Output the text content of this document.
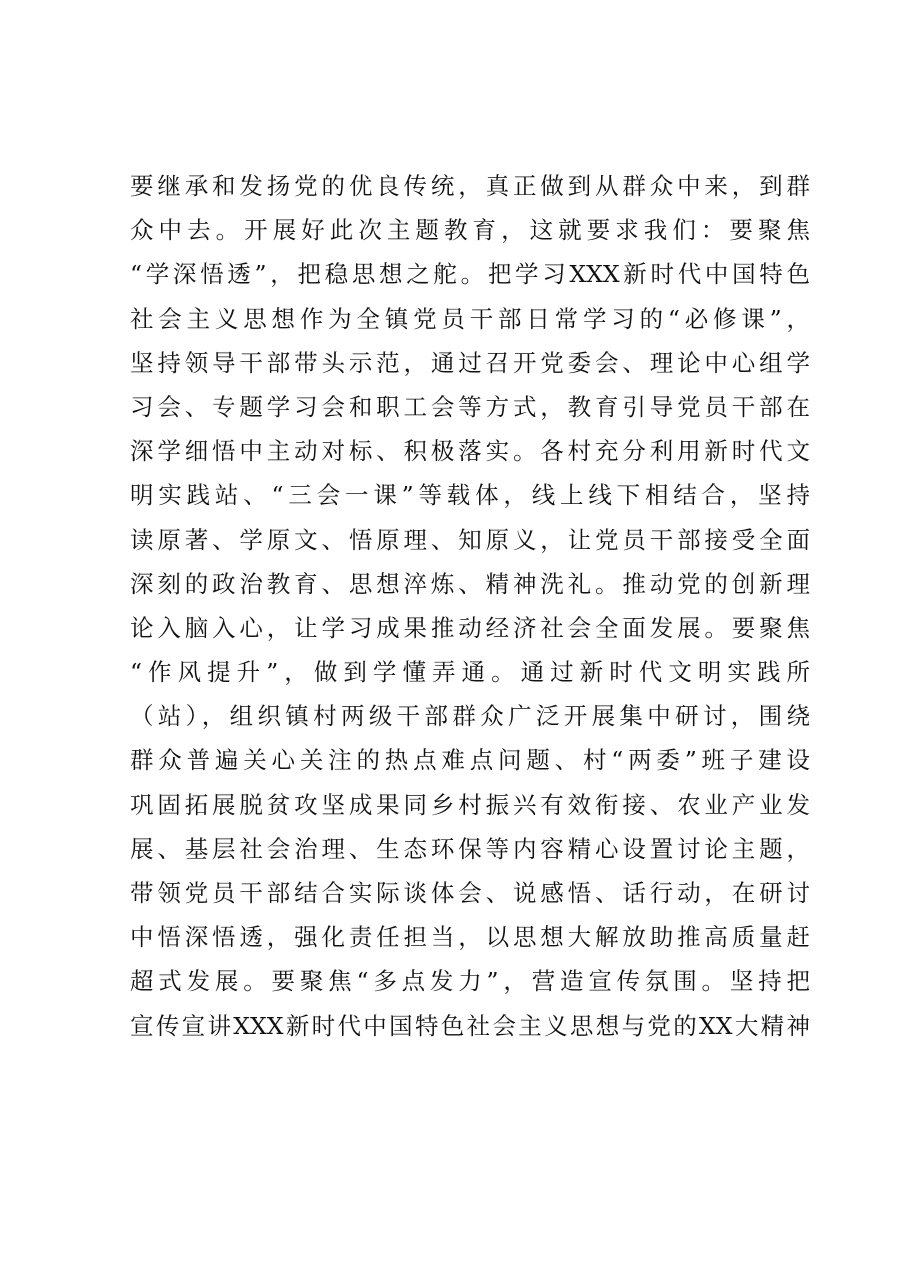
要继承和发扬党的优良传统，真正做到从群众中来，到群
众中去。开展好此次主题教育，这就要求我们：要聚焦
“学深悟透”，把稳思想之舵。把学习XXX新时代中国特色
社会主义思想作为全镇党员干部日常学习的“必修课”，
坚持领导干部带头示范，通过召开党委会、理论中心组学
习会、专题学习会和职工会等方式，教育引导党员干部在
深学细悟中主动对标、积极落实。各村充分利用新时代文
明实践站、“三会一课”等载体，线上线下相结合，坚持
读原著、学原文、悟原理、知原义，让党员干部接受全面
深刻的政治教育、思想淬炼、精神洗礼。推动党的创新理
论入脑入心，让学习成果推动经济社会全面发展。要聚焦
“作风提升”，做到学懂弄通。通过新时代文明实践所
（站），组织镇村两级干部群众广泛开展集中研讨，围绕
群众普遍关心关注的热点难点问题、村“两委”班子建设
巩固拓展脱贫攻坚成果同乡村振兴有效衔接、农业产业发
展、基层社会治理、生态环保等内容精心设置讨论主题，
带领党员干部结合实际谈体会、说感悟、话行动，在研讨
中悟深悟透，强化责任担当，以思想大解放助推高质量赶
超式发展。要聚焦“多点发力”，营造宣传氛围。坚持把
宣传宣讲XXX新时代中国特色社会主义思想与党的XX大精神
